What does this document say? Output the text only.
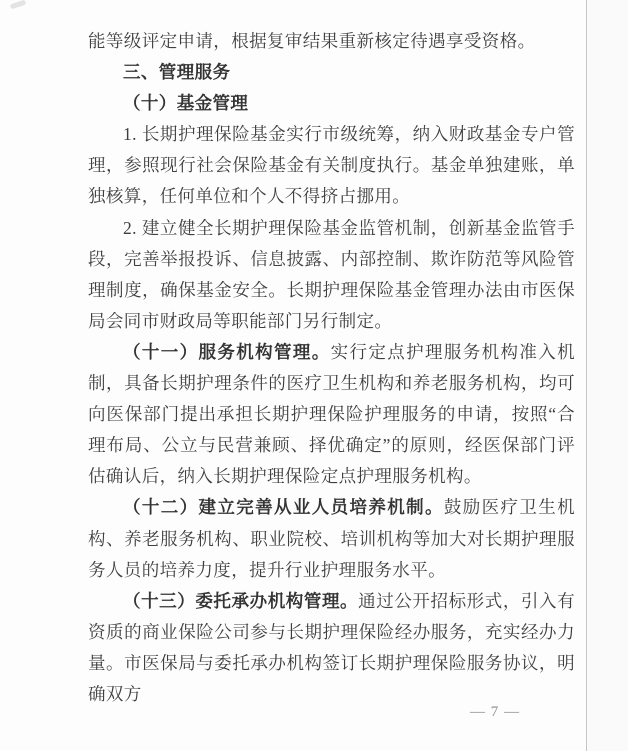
能等级评定申请，根据复审结果重新核定待遇享受资格。

三、管理服务

（十）基金管理

1. 长期护理保险基金实行市级统筹，纳入财政基金专户管理，参照现行社会保险基金有关制度执行。基金单独建账，单独核算，任何单位和个人不得挤占挪用。

2. 建立健全长期护理保险基金监管机制，创新基金监管手段，完善举报投诉、信息披露、内部控制、欺诈防范等风险管理制度，确保基金安全。长期护理保险基金管理办法由市医保局会同市财政局等职能部门另行制定。

（十一）服务机构管理。实行定点护理服务机构准入机制，具备长期护理条件的医疗卫生机构和养老服务机构，均可向医保部门提出承担长期护理保险护理服务的申请，按照“合理布局、公立与民营兼顾、择优确定”的原则，经医保部门评估确认后，纳入长期护理保险定点护理服务机构。

（十二）建立完善从业人员培养机制。鼓励医疗卫生机构、养老服务机构、职业院校、培训机构等加大对长期护理服务人员的培养力度，提升行业护理服务水平。

（十三）委托承办机构管理。通过公开招标形式，引入有资质的商业保险公司参与长期护理保险经办服务，充实经办力量。市医保局与委托承办机构签订长期护理保险服务协议，明确双方

— 7 —
